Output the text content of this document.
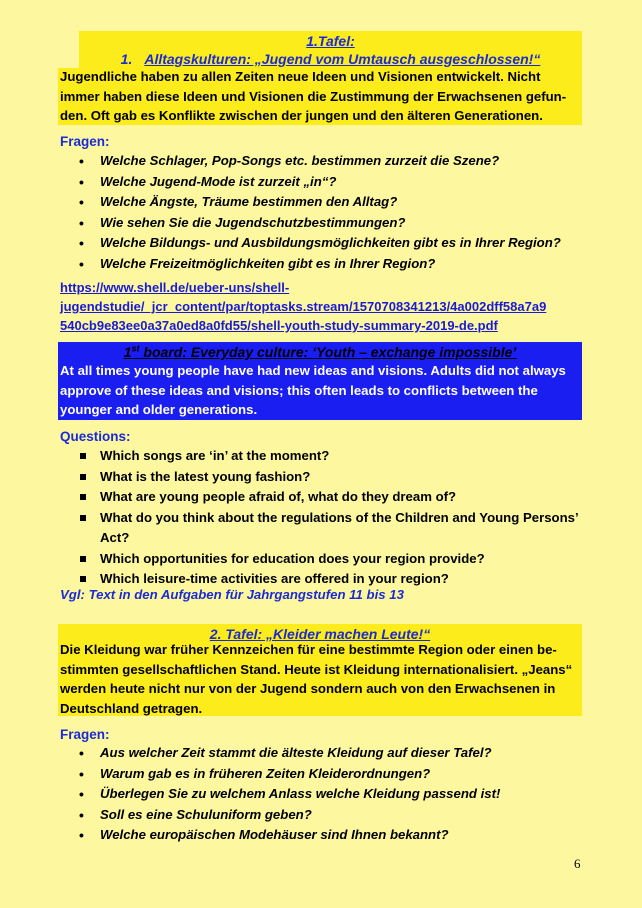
1.Tafel:
1. Alltagskulturen: „Jugend vom Umtausch ausgeschlossen!“
Jugendliche haben zu allen Zeiten neue Ideen und Visionen entwickelt. Nicht
immer haben diese Ideen und Visionen die Zustimmung der Erwachsenen gefun-
den. Oft gab es Konflikte zwischen der jungen und den älteren Generationen.
Fragen:
• Welche Schlager, Pop-Songs etc. bestimmen zurzeit die Szene?
• Welche Jugend-Mode ist zurzeit „in“?
• Welche Ängste, Träume bestimmen den Alltag?
• Wie sehen Sie die Jugendschutzbestimmungen?
• Welche Bildungs- und Ausbildungsmöglichkeiten gibt es in Ihrer Region?
• Welche Freizeitmöglichkeiten gibt es in Ihrer Region?
https://www.shell.de/ueber-uns/shell-
jugendstudie/_jcr_content/par/toptasks.stream/1570708341213/4a002dff58a7a9
540cb9e83ee0a37a0ed8a0fd55/shell-youth-study-summary-2019-de.pdf
1st board: Everyday culture: ‘Youth – exchange impossible’
At all times young people have had new ideas and visions. Adults did not always
approve of these ideas and visions; this often leads to conflicts between the
younger and older generations.
Questions:
Which songs are ‘in’ at the moment?
What is the latest young fashion?
What are young people afraid of, what do they dream of?
What do you think about the regulations of the Children and Young Persons’
Act?
Which opportunities for education does your region provide?
Which leisure-time activities are offered in your region?
Vgl: Text in den Aufgaben für Jahrgangstufen 11 bis 13
2. Tafel: „Kleider machen Leute!“
Die Kleidung war früher Kennzeichen für eine bestimmte Region oder einen be-
stimmten gesellschaftlichen Stand. Heute ist Kleidung internationalisiert. „Jeans“
werden heute nicht nur von der Jugend sondern auch von den Erwachsenen in
Deutschland getragen.
Fragen:
• Aus welcher Zeit stammt die älteste Kleidung auf dieser Tafel?
• Warum gab es in früheren Zeiten Kleiderordnungen?
• Überlegen Sie zu welchem Anlass welche Kleidung passend ist!
• Soll es eine Schuluniform geben?
• Welche europäischen Modehäuser sind Ihnen bekannt?
6
